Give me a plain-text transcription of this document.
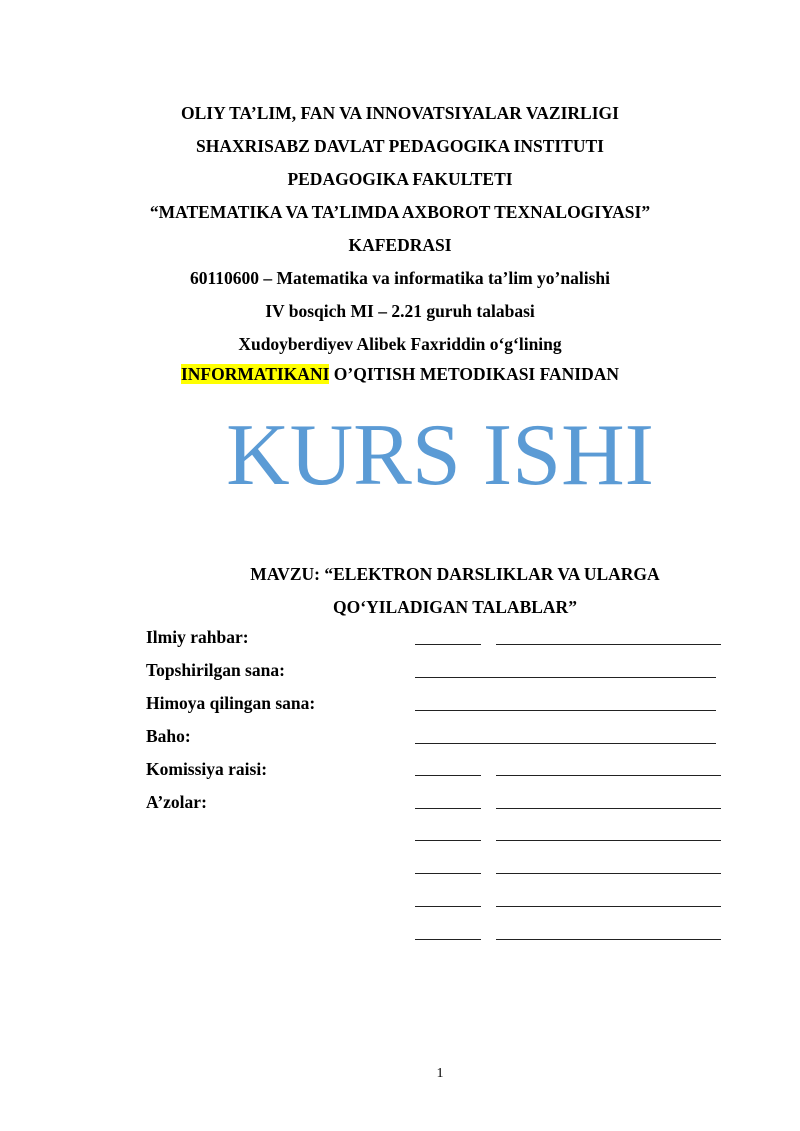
OLIY TA’LIM, FAN VA INNOVATSIYALAR VAZIRLIGI
SHAXRISABZ DAVLAT PEDAGOGIKA INSTITUTI
PEDAGOGIKA FAKULTETI
“MATEMATIKA VA TA’LIMDA AXBOROT TEXNALOGIYASI”
KAFEDRASI
60110600 – Matematika va informatika ta’lim yo’nalishi
IV bosqich MI – 2.21 guruh talabasi
Xudoyberdiyev Alibek Faxriddin o‘g‘lining
INFORMATIKANI O’QITISH METODIKASI FANIDAN
KURS ISHI
MAVZU: “ELEKTRON DARSLIKLAR VA ULARGA
QO‘YILADIGAN TALABLAR”
Ilmiy rahbar:
Topshirilgan sana:
Himoya qilingan sana:
Baho:
Komissiya raisi:
A’zolar:
1
